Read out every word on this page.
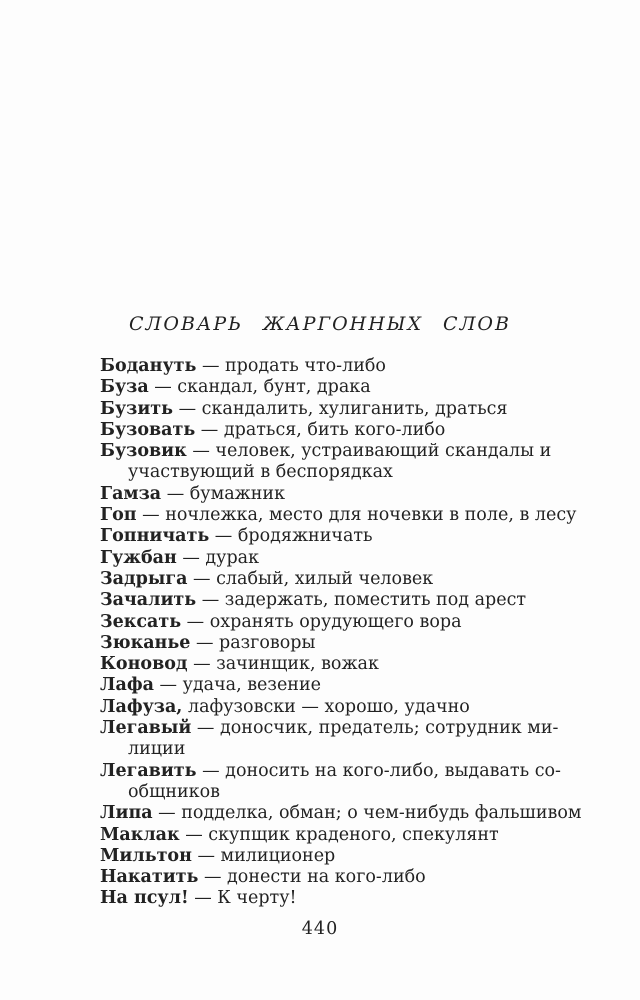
СЛОВАРЬ ЖАРГОННЫХ СЛОВ
Бодануть — продать что-либо
Буза — скандал, бунт, драка
Бузить — скандалить, хулиганить, драться
Бузовать — драться, бить кого-либо
Бузовик — человек, устраивающий скандалы и
участвующий в беспорядках
Гамза — бумажник
Гоп — ночлежка, место для ночевки в поле, в лесу
Гопничать — бродяжничать
Гужбан — дурак
Задрыга — слабый, хилый человек
Зачалить — задержать, поместить под арест
Зексать — охранять орудующего вора
Зюканье — разговоры
Коновод — зачинщик, вожак
Лафа — удача, везение
Лафуза, лафузовски — хорошо, удачно
Легавый — доносчик, предатель; сотрудник ми-
лиции
Легавить — доносить на кого-либо, выдавать со-
общников
Липа — подделка, обман; о чем-нибудь фальшивом
Маклак — скупщик краденого, спекулянт
Мильтон — милиционер
Накатить — донести на кого-либо
На псул! — К черту!
440
